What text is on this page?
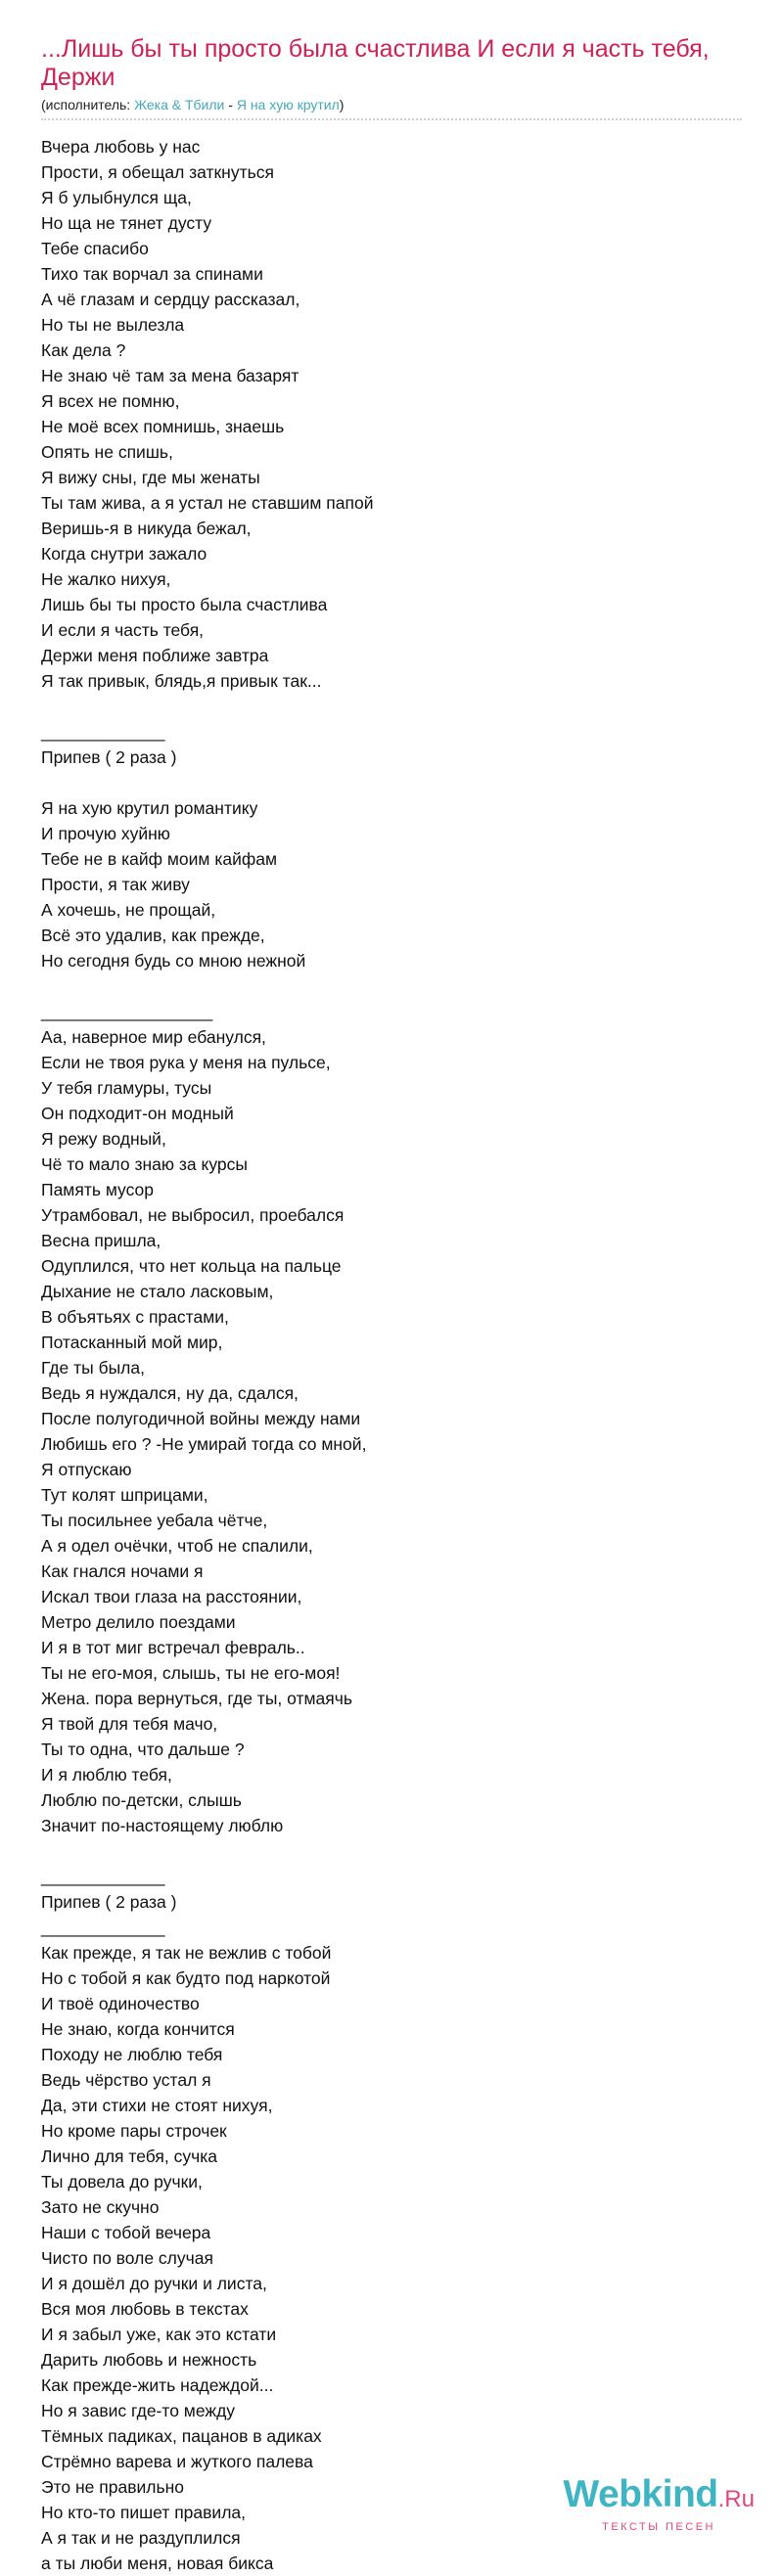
...Лишь бы ты просто была счастлива И если я часть тебя, Держи
(исполнитель: Жека & Тбили - Я на хую крутил)
Вчера любовь у нас
Прости, я обещал заткнуться
Я б улыбнулся ща,
Но ща не тянет дусту
Тебе спасибо
Тихо так ворчал за спинами
А чё глазам и сердцу рассказал,
Но ты не вылезла
Как дела ?
Не знаю чё там за мена базарят
Я всех не помню,
Не моё всех помнишь, знаешь
Опять не спишь,
Я вижу сны, где мы женаты
Ты там жива, а я устал не ставшим папой
Веришь-я в никуда бежал,
Когда снутри зажало
Не жалко нихуя,
Лишь бы ты просто была счастлива
И если я часть тебя,
Держи меня поближе завтра
Я так привык, блядь,я привык так...
_____________
Припев ( 2 раза )
Я на хую крутил романтику
И прочую хуйню
Тебе не в кайф моим кайфам
Прости, я так живу
А хочешь, не прощай,
Всё это удалив, как прежде,
Но сегодня будь со мною нежной
__________________
Аа, наверное мир ебанулся,
Если не твоя рука у меня на пульсе,
У тебя гламуры, тусы
Он подходит-он модный
Я режу водный,
Чё то мало знаю за курсы
Память мусор
Утрамбовал, не выбросил, проебался
Весна пришла,
Одуплился, что нет кольца на пальце
Дыхание не стало ласковым,
В объятьях с прастами,
Потасканный мой мир,
Где ты была,
Ведь я нуждался, ну да, сдался,
После полугодичной войны между нами
Любишь его ? -Не умирай тогда со мной,
Я отпускаю
Тут колят шприцами,
Ты посильнее уебала чётче,
А я одел очёчки, чтоб не спалили,
Как гнался ночами я
Искал твои глаза на расстоянии,
Метро делило поездами
И я в тот миг встречал февраль..
Ты не его-моя, слышь, ты не его-моя!
Жена. пора вернуться, где ты, отмаячь
Я твой для тебя мачо,
Ты то одна, что дальше ?
И я люблю тебя,
Люблю по-детски, слышь
Значит по-настоящему люблю
_____________
Припев ( 2 раза )
_____________
Как прежде, я так не вежлив с тобой
Но с тобой я как будто под наркотой
И твоё одиночество
Не знаю, когда кончится
Походу не люблю тебя
Ведь чёрство устал я
Да, эти стихи не стоят нихуя,
Но кроме пары строчек
Лично для тебя, сучка
Ты довела до ручки,
Зато не скучно
Наши с тобой вечера
Чисто по воле случая
И я дошёл до ручки и листа,
Вся моя любовь в текстах
И я забыл уже, как это кстати
Дарить любовь и нежность
Как прежде-жить надеждой...
Но я завис где-то между
Тёмных падиках, пацанов в адиках
Стрёмно варева и жуткого палева
Это не правильно
Но кто-то пишет правила,
А я так и не раздуплился
а ты люби меня, новая бикса
Webkind.Ru
ТЕКСТЫ ПЕСЕН
